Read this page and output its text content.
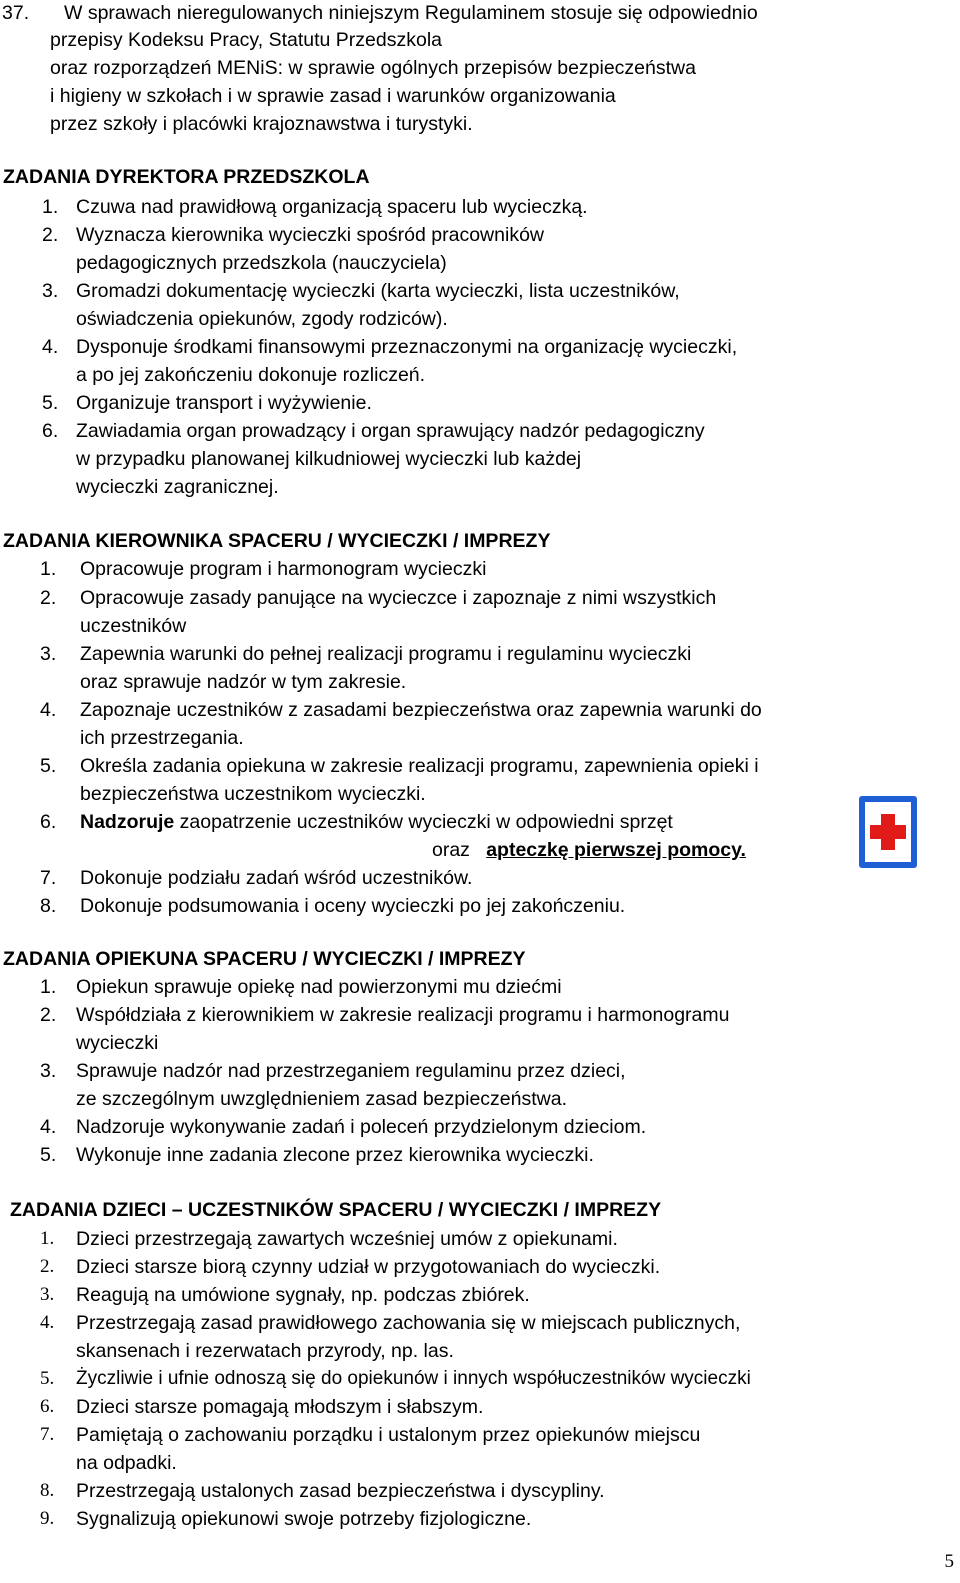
37. W sprawach nieregulowanych niniejszym Regulaminem stosuje się odpowiednio
przepisy Kodeksu Pracy, Statutu Przedszkola
oraz rozporządzeń MENiS: w sprawie ogólnych przepisów bezpieczeństwa
i higieny w szkołach i w sprawie zasad i warunków organizowania
przez szkoły i placówki krajoznawstwa i turystyki.
ZADANIA DYREKTORA PRZEDSZKOLA
1. Czuwa nad prawidłową organizacją spaceru lub wycieczką.
2. Wyznacza kierownika wycieczki spośród pracowników
pedagogicznych przedszkola (nauczyciela)
3. Gromadzi dokumentację wycieczki (karta wycieczki, lista uczestników,
oświadczenia opiekunów, zgody rodziców).
4. Dysponuje środkami finansowymi przeznaczonymi na organizację wycieczki,
a po jej zakończeniu dokonuje rozliczeń.
5. Organizuje transport i wyżywienie.
6. Zawiadamia organ prowadzący i organ sprawujący nadzór pedagogiczny
w przypadku planowanej kilkudniowej wycieczki lub każdej
wycieczki zagranicznej.
ZADANIA KIEROWNIKA SPACERU / WYCIECZKI / IMPREZY
1. Opracowuje program i harmonogram wycieczki
2. Opracowuje zasady panujące na wycieczce i zapoznaje z nimi wszystkich
uczestników
3. Zapewnia warunki do pełnej realizacji programu i regulaminu wycieczki
oraz sprawuje nadzór w tym zakresie.
4. Zapoznaje uczestników z zasadami bezpieczeństwa oraz zapewnia warunki do
ich przestrzegania.
5. Określa zadania opiekuna w zakresie realizacji programu, zapewnienia opieki i
bezpieczeństwa uczestnikom wycieczki.
6. Nadzoruje zaopatrzenie uczestników wycieczki w odpowiedni sprzęt
oraz apteczkę pierwszej pomocy.
7. Dokonuje podziału zadań wśród uczestników.
8. Dokonuje podsumowania i oceny wycieczki po jej zakończeniu.
ZADANIA OPIEKUNA SPACERU / WYCIECZKI / IMPREZY
1. Opiekun sprawuje opiekę nad powierzonymi mu dziećmi
2. Współdziała z kierownikiem w zakresie realizacji programu i harmonogramu
wycieczki
3. Sprawuje nadzór nad przestrzeganiem regulaminu przez dzieci,
ze szczególnym uwzględnieniem zasad bezpieczeństwa.
4. Nadzoruje wykonywanie zadań i poleceń przydzielonym dzieciom.
5. Wykonuje inne zadania zlecone przez kierownika wycieczki.
ZADANIA DZIECI – UCZESTNIKÓW SPACERU / WYCIECZKI / IMPREZY
1. Dzieci przestrzegają zawartych wcześniej umów z opiekunami.
2. Dzieci starsze biorą czynny udział w przygotowaniach do wycieczki.
3. Reagują na umówione sygnały, np. podczas zbiórek.
4. Przestrzegają zasad prawidłowego zachowania się w miejscach publicznych,
skansenach i rezerwatach przyrody, np. las.
5. Życzliwie i ufnie odnoszą się do opiekunów i innych współuczestników wycieczki
6. Dzieci starsze pomagają młodszym i słabszym.
7. Pamiętają o zachowaniu porządku i ustalonym przez opiekunów miejscu
na odpadki.
8. Przestrzegają ustalonych zasad bezpieczeństwa i dyscypliny.
9. Sygnalizują opiekunowi swoje potrzeby fizjologiczne.
5
